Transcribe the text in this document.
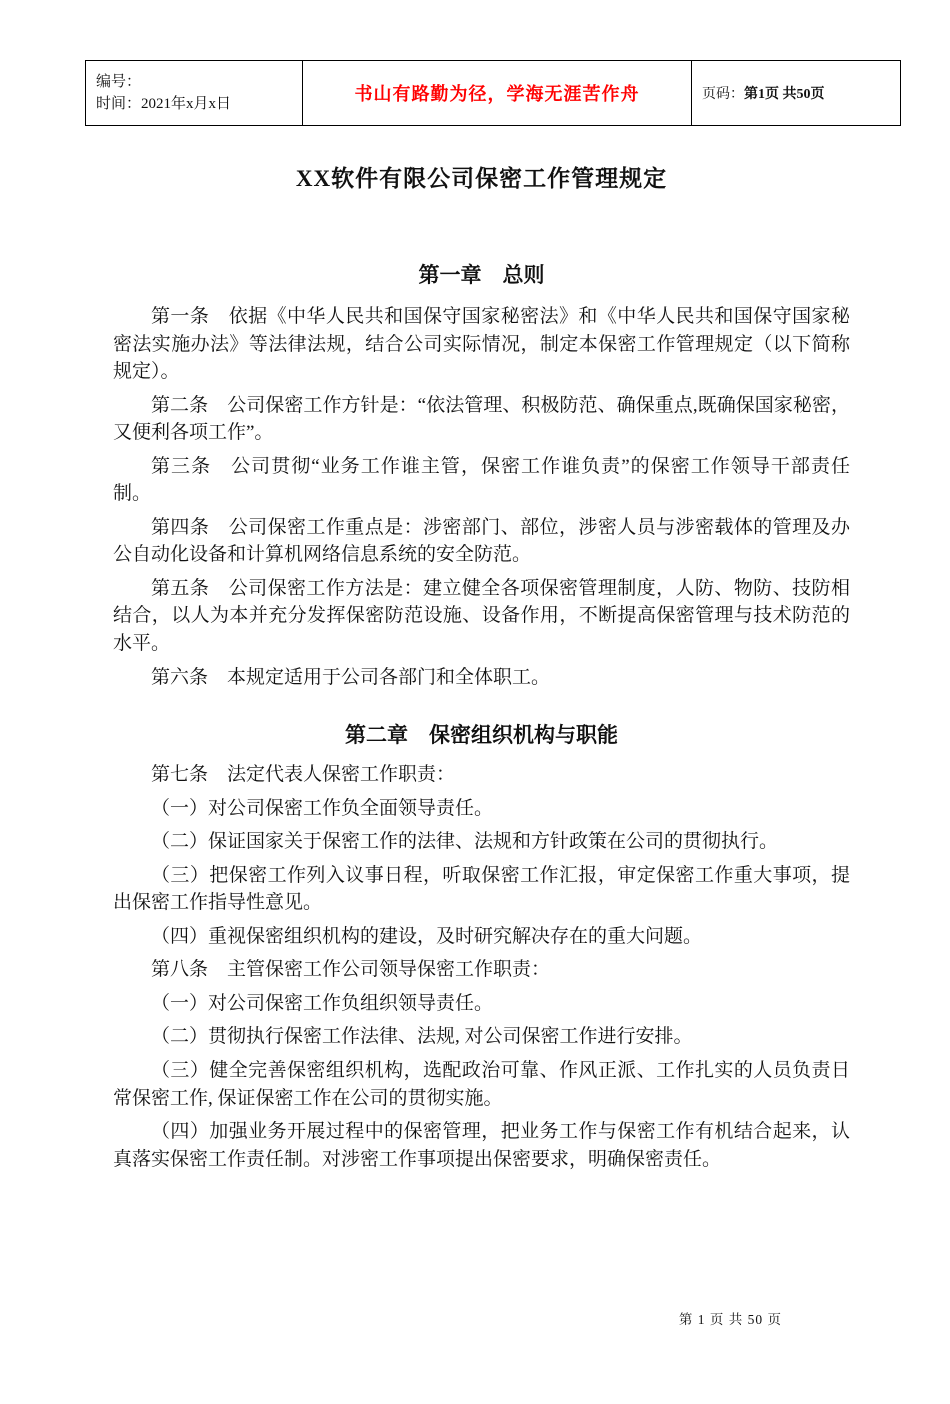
编号：
时间：2021年x月x日	书山有路勤为径，学海无涯苦作舟	页码：第1页 共50页
XX软件有限公司保密工作管理规定
第一章　总则

第一条　依据《中华人民共和国保守国家秘密法》和《中华人民共和国保守国家秘密法实施办法》等法律法规，结合公司实际情况，制定本保密工作管理规定（以下简称规定）。

第二条　公司保密工作方针是：“依法管理、积极防范、确保重点,既确保国家秘密，又便利各项工作”。

第三条　公司贯彻“业务工作谁主管，保密工作谁负责”的保密工作领导干部责任制。

第四条　公司保密工作重点是：涉密部门、部位，涉密人员与涉密载体的管理及办公自动化设备和计算机网络信息系统的安全防范。

第五条　公司保密工作方法是：建立健全各项保密管理制度，人防、物防、技防相结合，以人为本并充分发挥保密防范设施、设备作用，不断提高保密管理与技术防范的水平。

第六条　本规定适用于公司各部门和全体职工。

第二章　保密组织机构与职能

第七条　法定代表人保密工作职责：

（一）对公司保密工作负全面领导责任。

（二）保证国家关于保密工作的法律、法规和方针政策在公司的贯彻执行。

（三）把保密工作列入议事日程，听取保密工作汇报，审定保密工作重大事项，提出保密工作指导性意见。

（四）重视保密组织机构的建设，及时研究解决存在的重大问题。

第八条　主管保密工作公司领导保密工作职责：

（一）对公司保密工作负组织领导责任。

（二）贯彻执行保密工作法律、法规, 对公司保密工作进行安排。

（三）健全完善保密组织机构，选配政治可靠、作风正派、工作扎实的人员负责日常保密工作, 保证保密工作在公司的贯彻实施。

（四）加强业务开展过程中的保密管理，把业务工作与保密工作有机结合起来，认真落实保密工作责任制。对涉密工作事项提出保密要求，明确保密责任。

第 1 页 共 50 页
